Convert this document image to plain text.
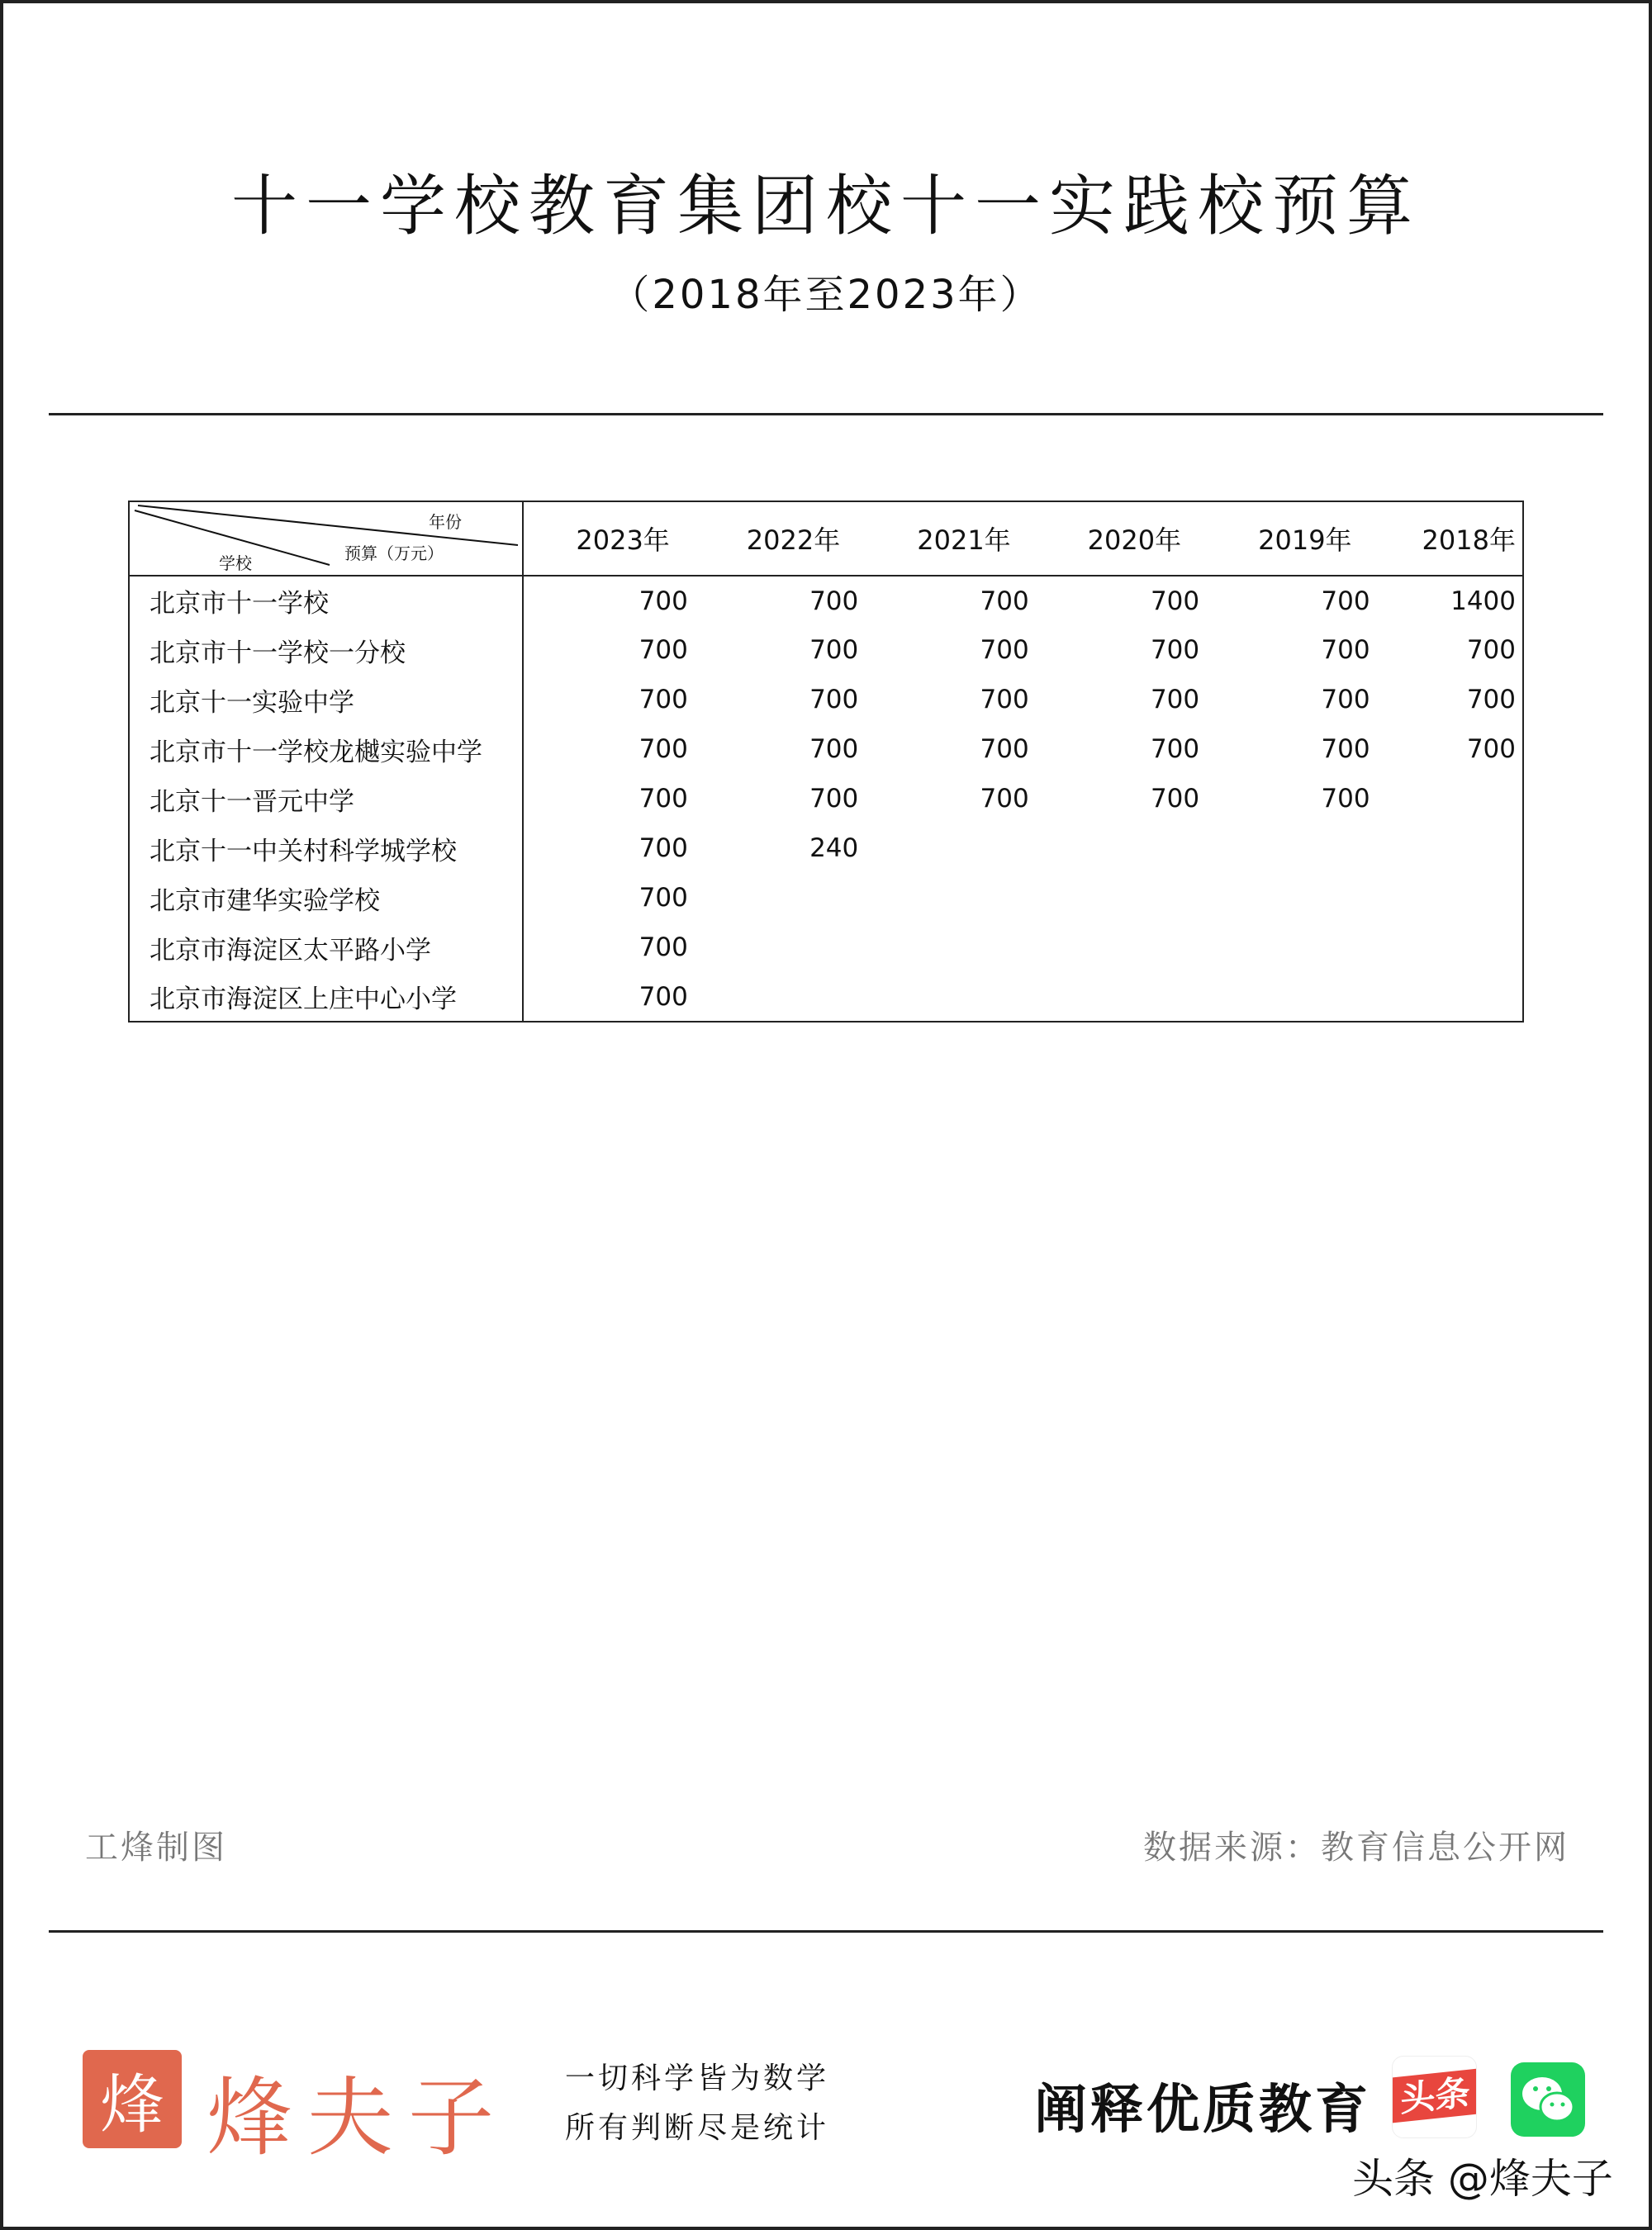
十一学校教育集团校十一实践校预算
（2018年至2023年）
年份
预算（万元）
学校	2023年	2022年	2021年	2020年	2019年	2018年
北京市十一学校	700	700	700	700	700	1400
北京市十一学校一分校	700	700	700	700	700	700
北京十一实验中学	700	700	700	700	700	700
北京市十一学校龙樾实验中学	700	700	700	700	700	700
北京十一晋元中学	700	700	700	700	700	
北京十一中关村科学城学校	700	240				
北京市建华实验学校	700					
北京市海淀区太平路小学	700					
北京市海淀区上庄中心小学	700					
工烽制图	数据来源：教育信息公开网
烽 烽夫子 一切科学皆为数学
所有判断尽是统计	阐释优质教育 头条
头条 @烽夫子
